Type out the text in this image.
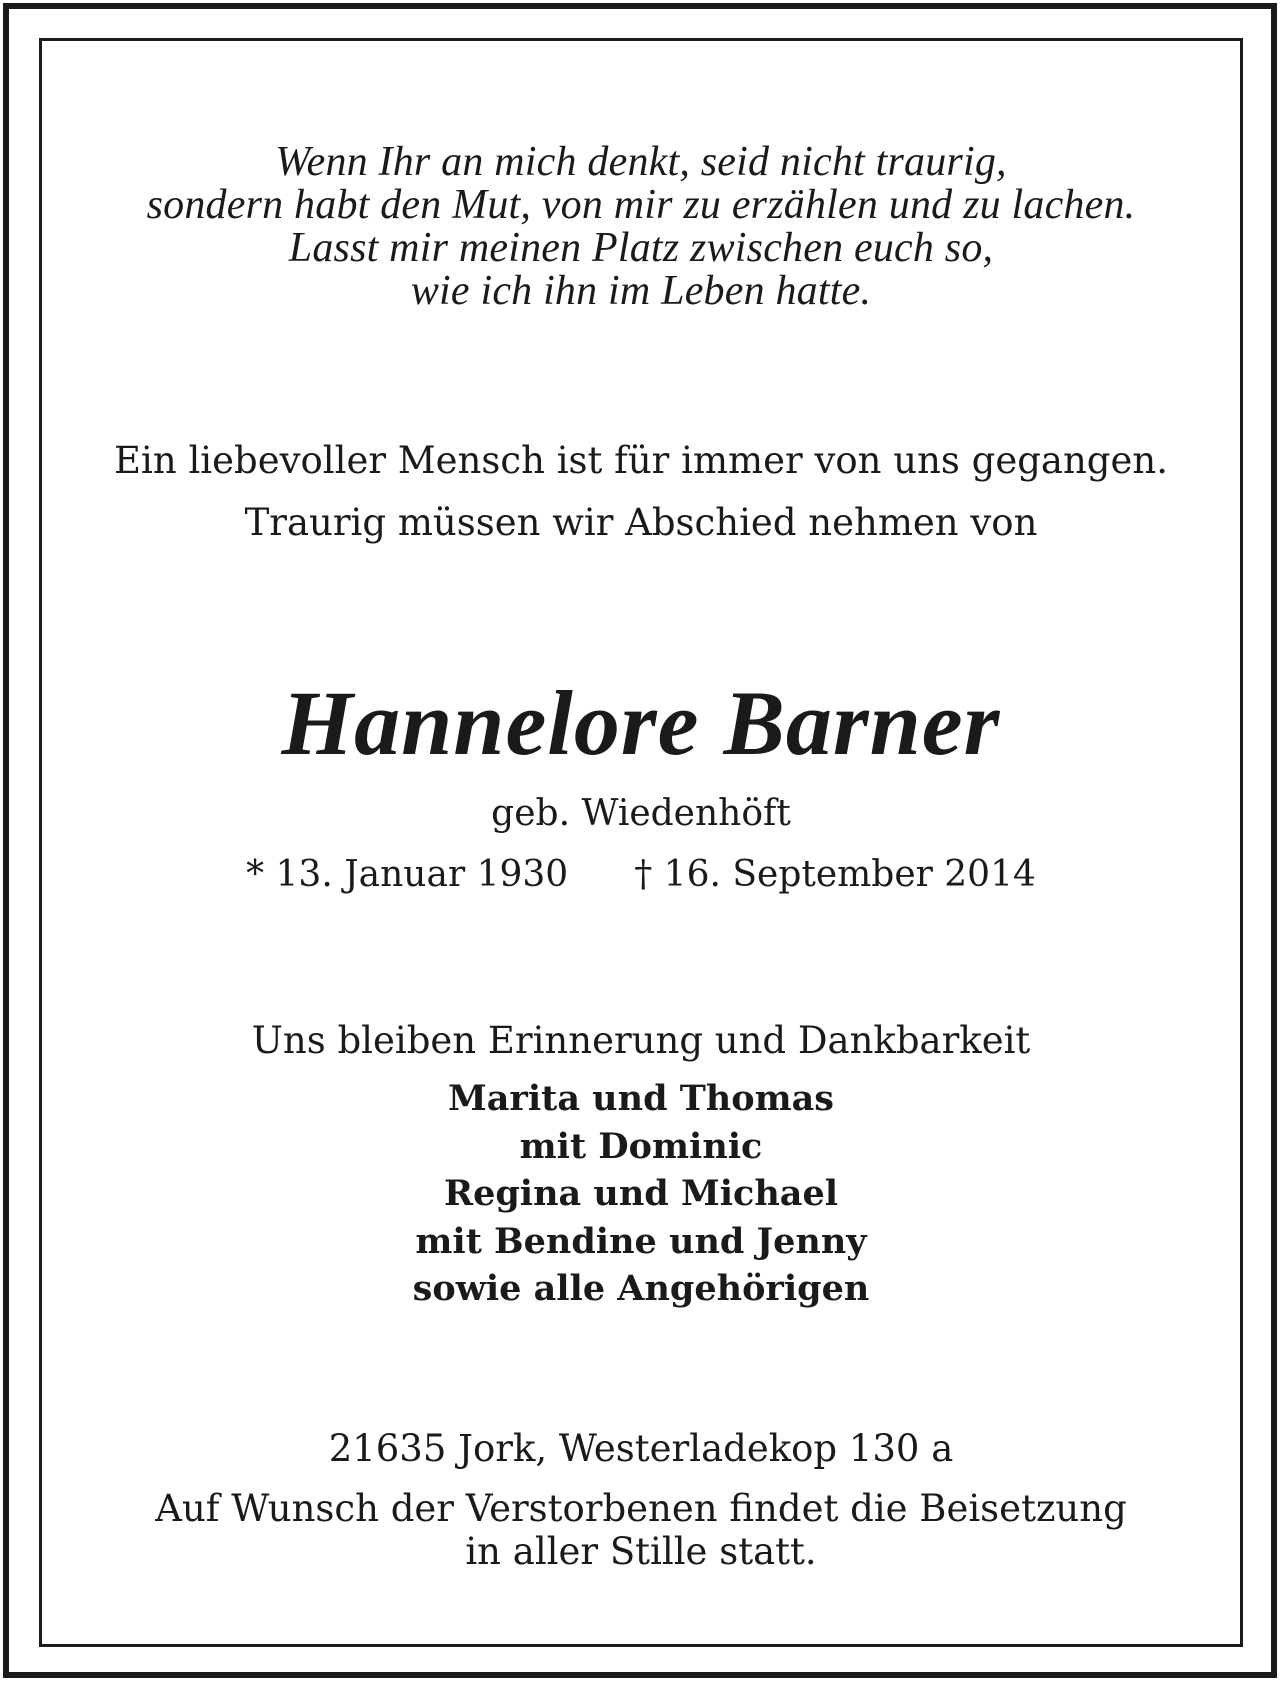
Wenn Ihr an mich denkt, seid nicht traurig,
sondern habt den Mut, von mir zu erzählen und zu lachen.
Lasst mir meinen Platz zwischen euch so,
wie ich ihn im Leben hatte.
Ein liebevoller Mensch ist für immer von uns gegangen.
Traurig müssen wir Abschied nehmen von
Hannelore Barner
geb. Wiedenhöft
* 13. Januar 1930 † 16. September 2014
Uns bleiben Erinnerung und Dankbarkeit
Marita und Thomas
mit Dominic
Regina und Michael
mit Bendine und Jenny
sowie alle Angehörigen
21635 Jork, Westerladekop 130 a
Auf Wunsch der Verstorbenen findet die Beisetzung
in aller Stille statt.
